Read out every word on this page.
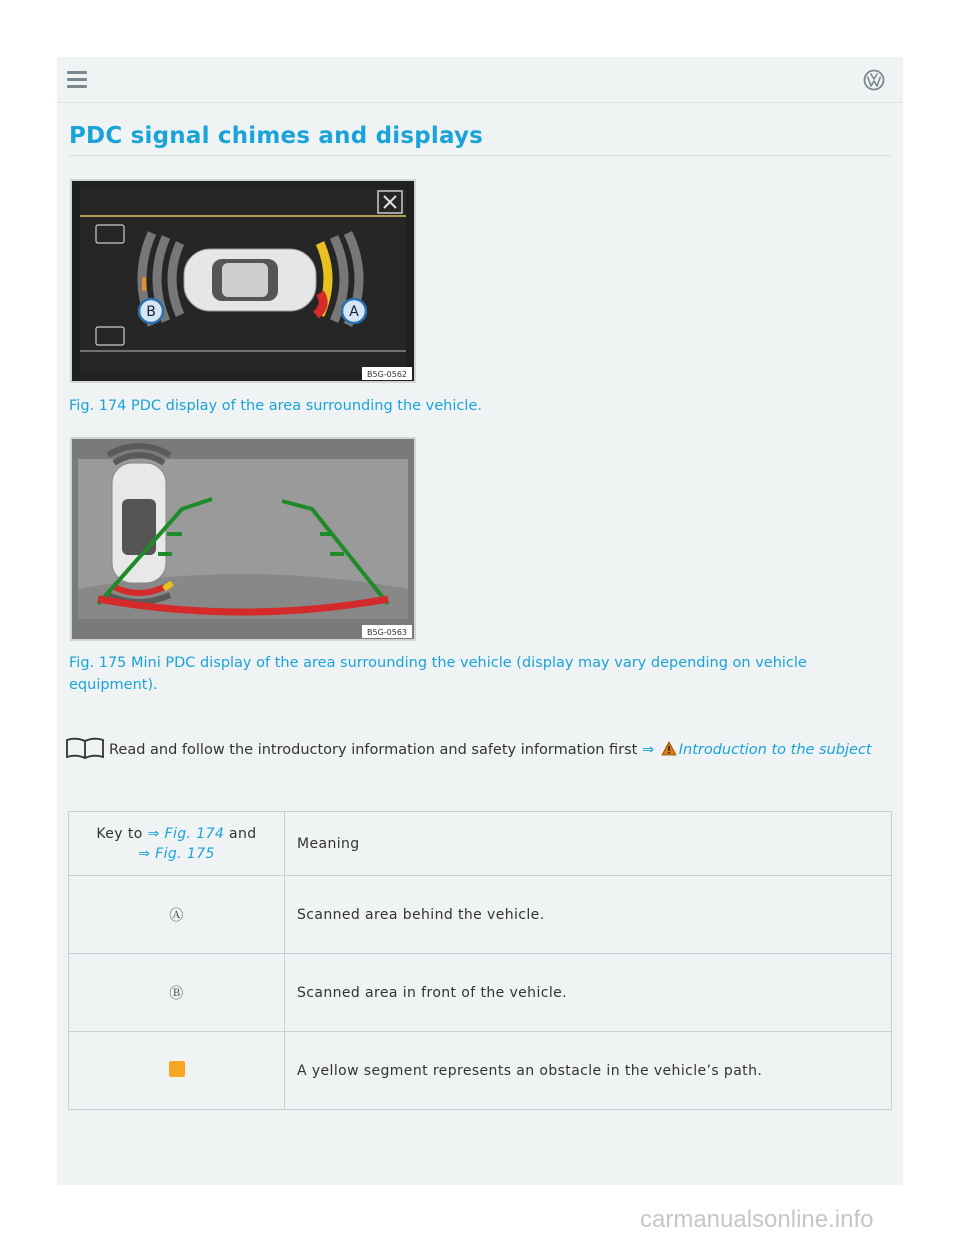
PDC signal chimes and displays
B	A
B5G-0562
Fig. 174 PDC display of the area surrounding the vehicle.
B5G-0563
Fig. 175 Mini PDC display of the area surrounding the vehicle (display may vary depending on vehicle equipment).
Read and follow the introductory information and safety information first ⇒ Introduction to the subject
Key to ⇒ Fig. 174 and
⇒ Fig. 175	Meaning
Ⓐ	Scanned area behind the vehicle.
Ⓑ	Scanned area in front of the vehicle.
	A yellow segment represents an obstacle in the vehicle’s path.
carmanualsonline.info
